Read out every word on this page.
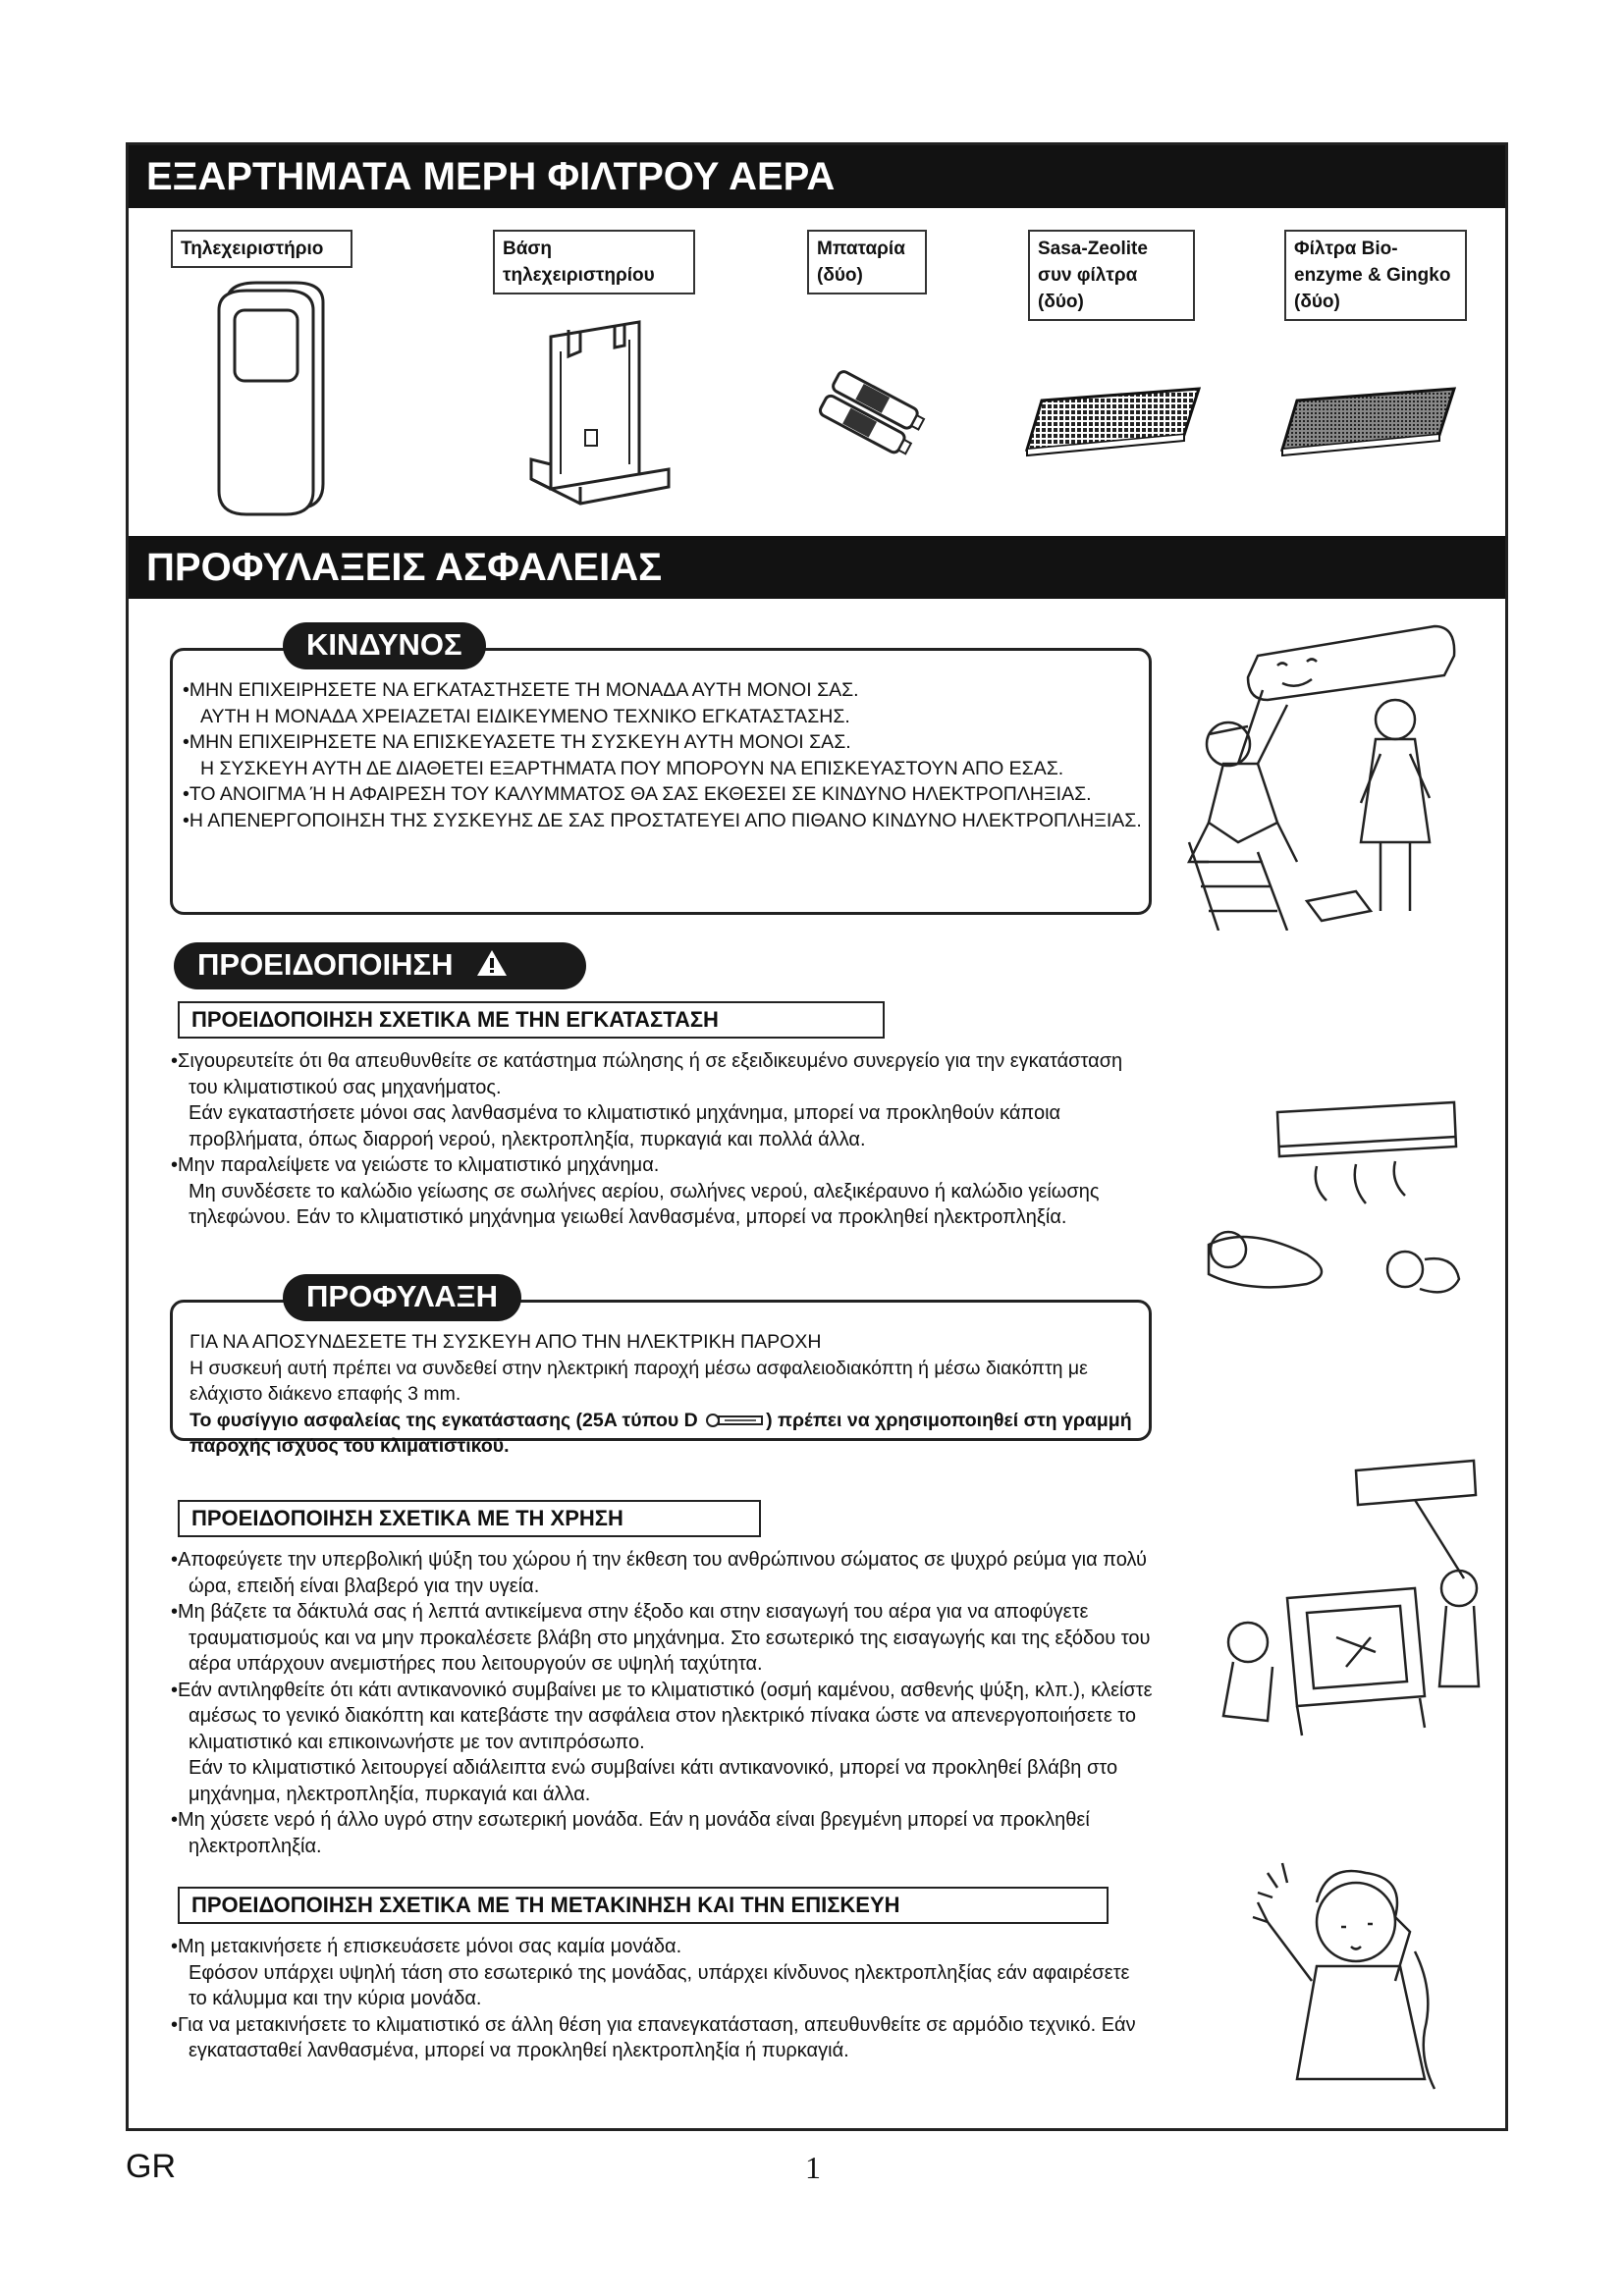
ΕΞΑΡΤΗΜΑΤΑ ΜΕΡΗ ΦΙΛΤΡΟΥ ΑΕΡΑ
Τηλεχειριστήριο	Βάση τηλεχειριστηρίου
Μπαταρία (δύο)
Sasa-Zeolite συν φίλτρα (δύο)
Φίλτρα Bio-enzyme & Gingko (δύο)
ΠΡΟΦΥΛΑΞΕΙΣ ΑΣΦΑΛΕΙΑΣ
ΚΙΝΔΥΝΟΣ
•ΜΗΝ ΕΠΙΧΕΙΡΗΣΕΤΕ ΝΑ ΕΓΚΑΤΑΣΤΗΣΕΤΕ ΤΗ ΜΟΝΑΔΑ ΑΥΤΗ ΜΟΝΟΙ ΣΑΣ.
ΑΥΤΗ Η ΜΟΝΑΔΑ ΧΡΕΙΑΖΕΤΑΙ ΕΙΔΙΚΕΥΜΕΝΟ ΤΕΧΝΙΚΟ ΕΓΚΑΤΑΣΤΑΣΗΣ.
•ΜΗΝ ΕΠΙΧΕΙΡΗΣΕΤΕ ΝΑ ΕΠΙΣΚΕΥΑΣΕΤΕ ΤΗ ΣΥΣΚΕΥΗ ΑΥΤΗ ΜΟΝΟΙ ΣΑΣ.
Η ΣΥΣΚΕΥΗ ΑΥΤΗ ΔΕ ΔΙΑΘΕΤΕΙ ΕΞΑΡΤΗΜΑΤΑ ΠΟΥ ΜΠΟΡΟΥΝ ΝΑ ΕΠΙΣΚΕΥΑΣΤΟΥΝ ΑΠΟ ΕΣΑΣ.
•ΤΟ ΑΝΟΙΓΜΑ Ή Η ΑΦΑΙΡΕΣΗ ΤΟΥ ΚΑΛΥΜΜΑΤΟΣ ΘΑ ΣΑΣ ΕΚΘΕΣΕΙ ΣΕ ΚΙΝΔΥΝΟ ΗΛΕΚΤΡΟΠΛΗΞΙΑΣ.
•Η ΑΠΕΝΕΡΓΟΠΟΙΗΣΗ ΤΗΣ ΣΥΣΚΕΥΗΣ ΔΕ ΣΑΣ ΠΡΟΣΤΑΤΕΥΕΙ ΑΠΟ ΠΙΘΑΝΟ ΚΙΝΔΥΝΟ ΗΛΕΚΤΡΟΠΛΗΞΙΑΣ.
ΠΡΟΕΙΔΟΠΟΙΗΣΗ
ΠΡΟΕΙΔΟΠΟΙΗΣΗ ΣΧΕΤΙΚΑ ΜΕ ΤΗΝ ΕΓΚΑΤΑΣΤΑΣΗ
•Σιγουρευτείτε ότι θα απευθυνθείτε σε κατάστημα πώλησης ή σε εξειδικευμένο συνεργείο για την εγκατάσταση του κλιματιστικού σας μηχανήματος.
Εάν εγκαταστήσετε μόνοι σας λανθασμένα το κλιματιστικό μηχάνημα, μπορεί να προκληθούν κάποια προβλήματα, όπως διαρροή νερού, ηλεκτροπληξία, πυρκαγιά και πολλά άλλα.
•Μην παραλείψετε να γειώστε το κλιματιστικό μηχάνημα.
Μη συνδέσετε το καλώδιο γείωσης σε σωλήνες αερίου, σωλήνες νερού, αλεξικέραυνο ή καλώδιο γείωσης τηλεφώνου. Εάν το κλιματιστικό μηχάνημα γειωθεί λανθασμένα, μπορεί να προκληθεί ηλεκτροπληξία.
ΠΡΟΦΥΛΑΞΗ
ΓΙΑ ΝΑ ΑΠΟΣΥΝΔΕΣΕΤΕ ΤΗ ΣΥΣΚΕΥΗ ΑΠΟ ΤΗΝ ΗΛΕΚΤΡΙΚΗ ΠΑΡΟΧΗ
Η συσκευή αυτή πρέπει να συνδεθεί στην ηλεκτρική παροχή μέσω ασφαλειοδιακόπτη ή μέσω διακόπτη με ελάχιστο διάκενο επαφής 3 mm.
Το φυσίγγιο ασφαλείας της εγκατάστασης (25A τύπου D	) πρέπει να χρησιμοποιηθεί στη γραμμή παροχής ισχύος του κλιματιστικού.
ΠΡΟΕΙΔΟΠΟΙΗΣΗ ΣΧΕΤΙΚΑ ΜΕ ΤΗ ΧΡΗΣΗ
•Αποφεύγετε την υπερβολική ψύξη του χώρου ή την έκθεση του ανθρώπινου σώματος σε ψυχρό ρεύμα για πολύ ώρα, επειδή είναι βλαβερό για την υγεία.
•Μη βάζετε τα δάκτυλά σας ή λεπτά αντικείμενα στην έξοδο και στην εισαγωγή του αέρα για να αποφύγετε τραυματισμούς και να μην προκαλέσετε βλάβη στο μηχάνημα. Στο εσωτερικό της εισαγωγής και της εξόδου του αέρα υπάρχουν ανεμιστήρες που λειτουργούν σε υψηλή ταχύτητα.
•Εάν αντιληφθείτε ότι κάτι αντικανονικό συμβαίνει με το κλιματιστικό (οσμή καμένου, ασθενής ψύξη, κλπ.), κλείστε αμέσως το γενικό διακόπτη και κατεβάστε την ασφάλεια στον ηλεκτρικό πίνακα ώστε να απενεργοποιήσετε το κλιματιστικό και επικοινωνήστε με τον αντιπρόσωπο.
Εάν το κλιματιστικό λειτουργεί αδιάλειπτα ενώ συμβαίνει κάτι αντικανονικό, μπορεί να προκληθεί βλάβη στο μηχάνημα, ηλεκτροπληξία, πυρκαγιά και άλλα.
•Μη χύσετε νερό ή άλλο υγρό στην εσωτερική μονάδα. Εάν η μονάδα είναι βρεγμένη μπορεί να προκληθεί ηλεκτροπληξία.
ΠΡΟΕΙΔΟΠΟΙΗΣΗ ΣΧΕΤΙΚΑ ΜΕ ΤΗ ΜΕΤΑΚΙΝΗΣΗ ΚΑΙ ΤΗΝ ΕΠΙΣΚΕΥΗ
•Μη μετακινήσετε ή επισκευάσετε μόνοι σας καμία μονάδα.
Εφόσον υπάρχει υψηλή τάση στο εσωτερικό της μονάδας, υπάρχει κίνδυνος ηλεκτροπληξίας εάν αφαιρέσετε το κάλυμμα και την κύρια μονάδα.
•Για να μετακινήσετε το κλιματιστικό σε άλλη θέση για επανεγκατάσταση, απευθυνθείτε σε αρμόδιο τεχνικό. Εάν εγκατασταθεί λανθασμένα, μπορεί να προκληθεί ηλεκτροπληξία ή πυρκαγιά.
GR	1
